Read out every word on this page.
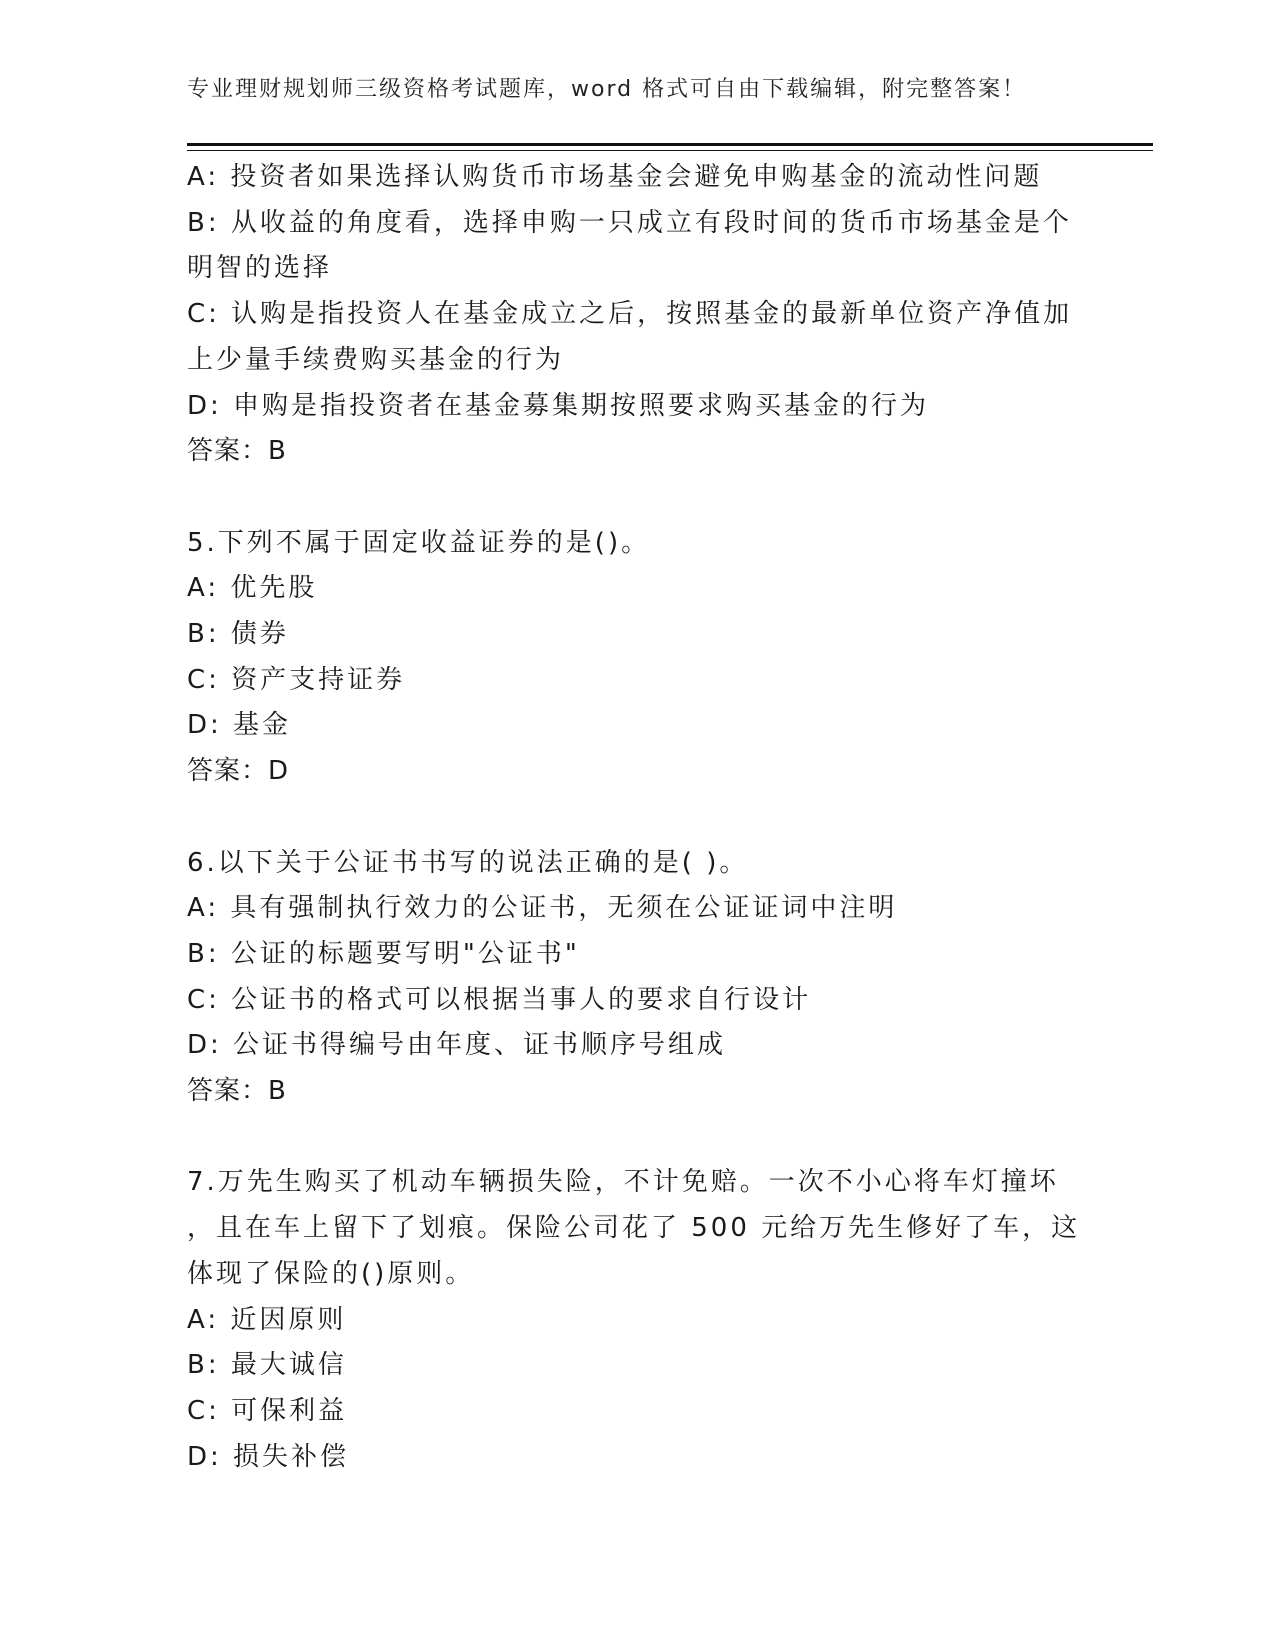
专业理财规划师三级资格考试题库，word 格式可自由下载编辑，附完整答案！
A: 投资者如果选择认购货币市场基金会避免申购基金的流动性问题
B: 从收益的角度看，选择申购一只成立有段时间的货币市场基金是个
明智的选择
C: 认购是指投资人在基金成立之后，按照基金的最新单位资产净值加
上少量手续费购买基金的行为
D: 申购是指投资者在基金募集期按照要求购买基金的行为
答案：B
5.下列不属于固定收益证券的是()。
A: 优先股
B: 债券
C: 资产支持证券
D: 基金
答案：D
6.以下关于公证书书写的说法正确的是( )。
A: 具有强制执行效力的公证书，无须在公证证词中注明
B: 公证的标题要写明"公证书"
C: 公证书的格式可以根据当事人的要求自行设计
D: 公证书得编号由年度、证书顺序号组成
答案：B
7.万先生购买了机动车辆损失险，不计免赔。一次不小心将车灯撞坏
，且在车上留下了划痕。保险公司花了 500 元给万先生修好了车，这
体现了保险的()原则。
A: 近因原则
B: 最大诚信
C: 可保利益
D: 损失补偿
